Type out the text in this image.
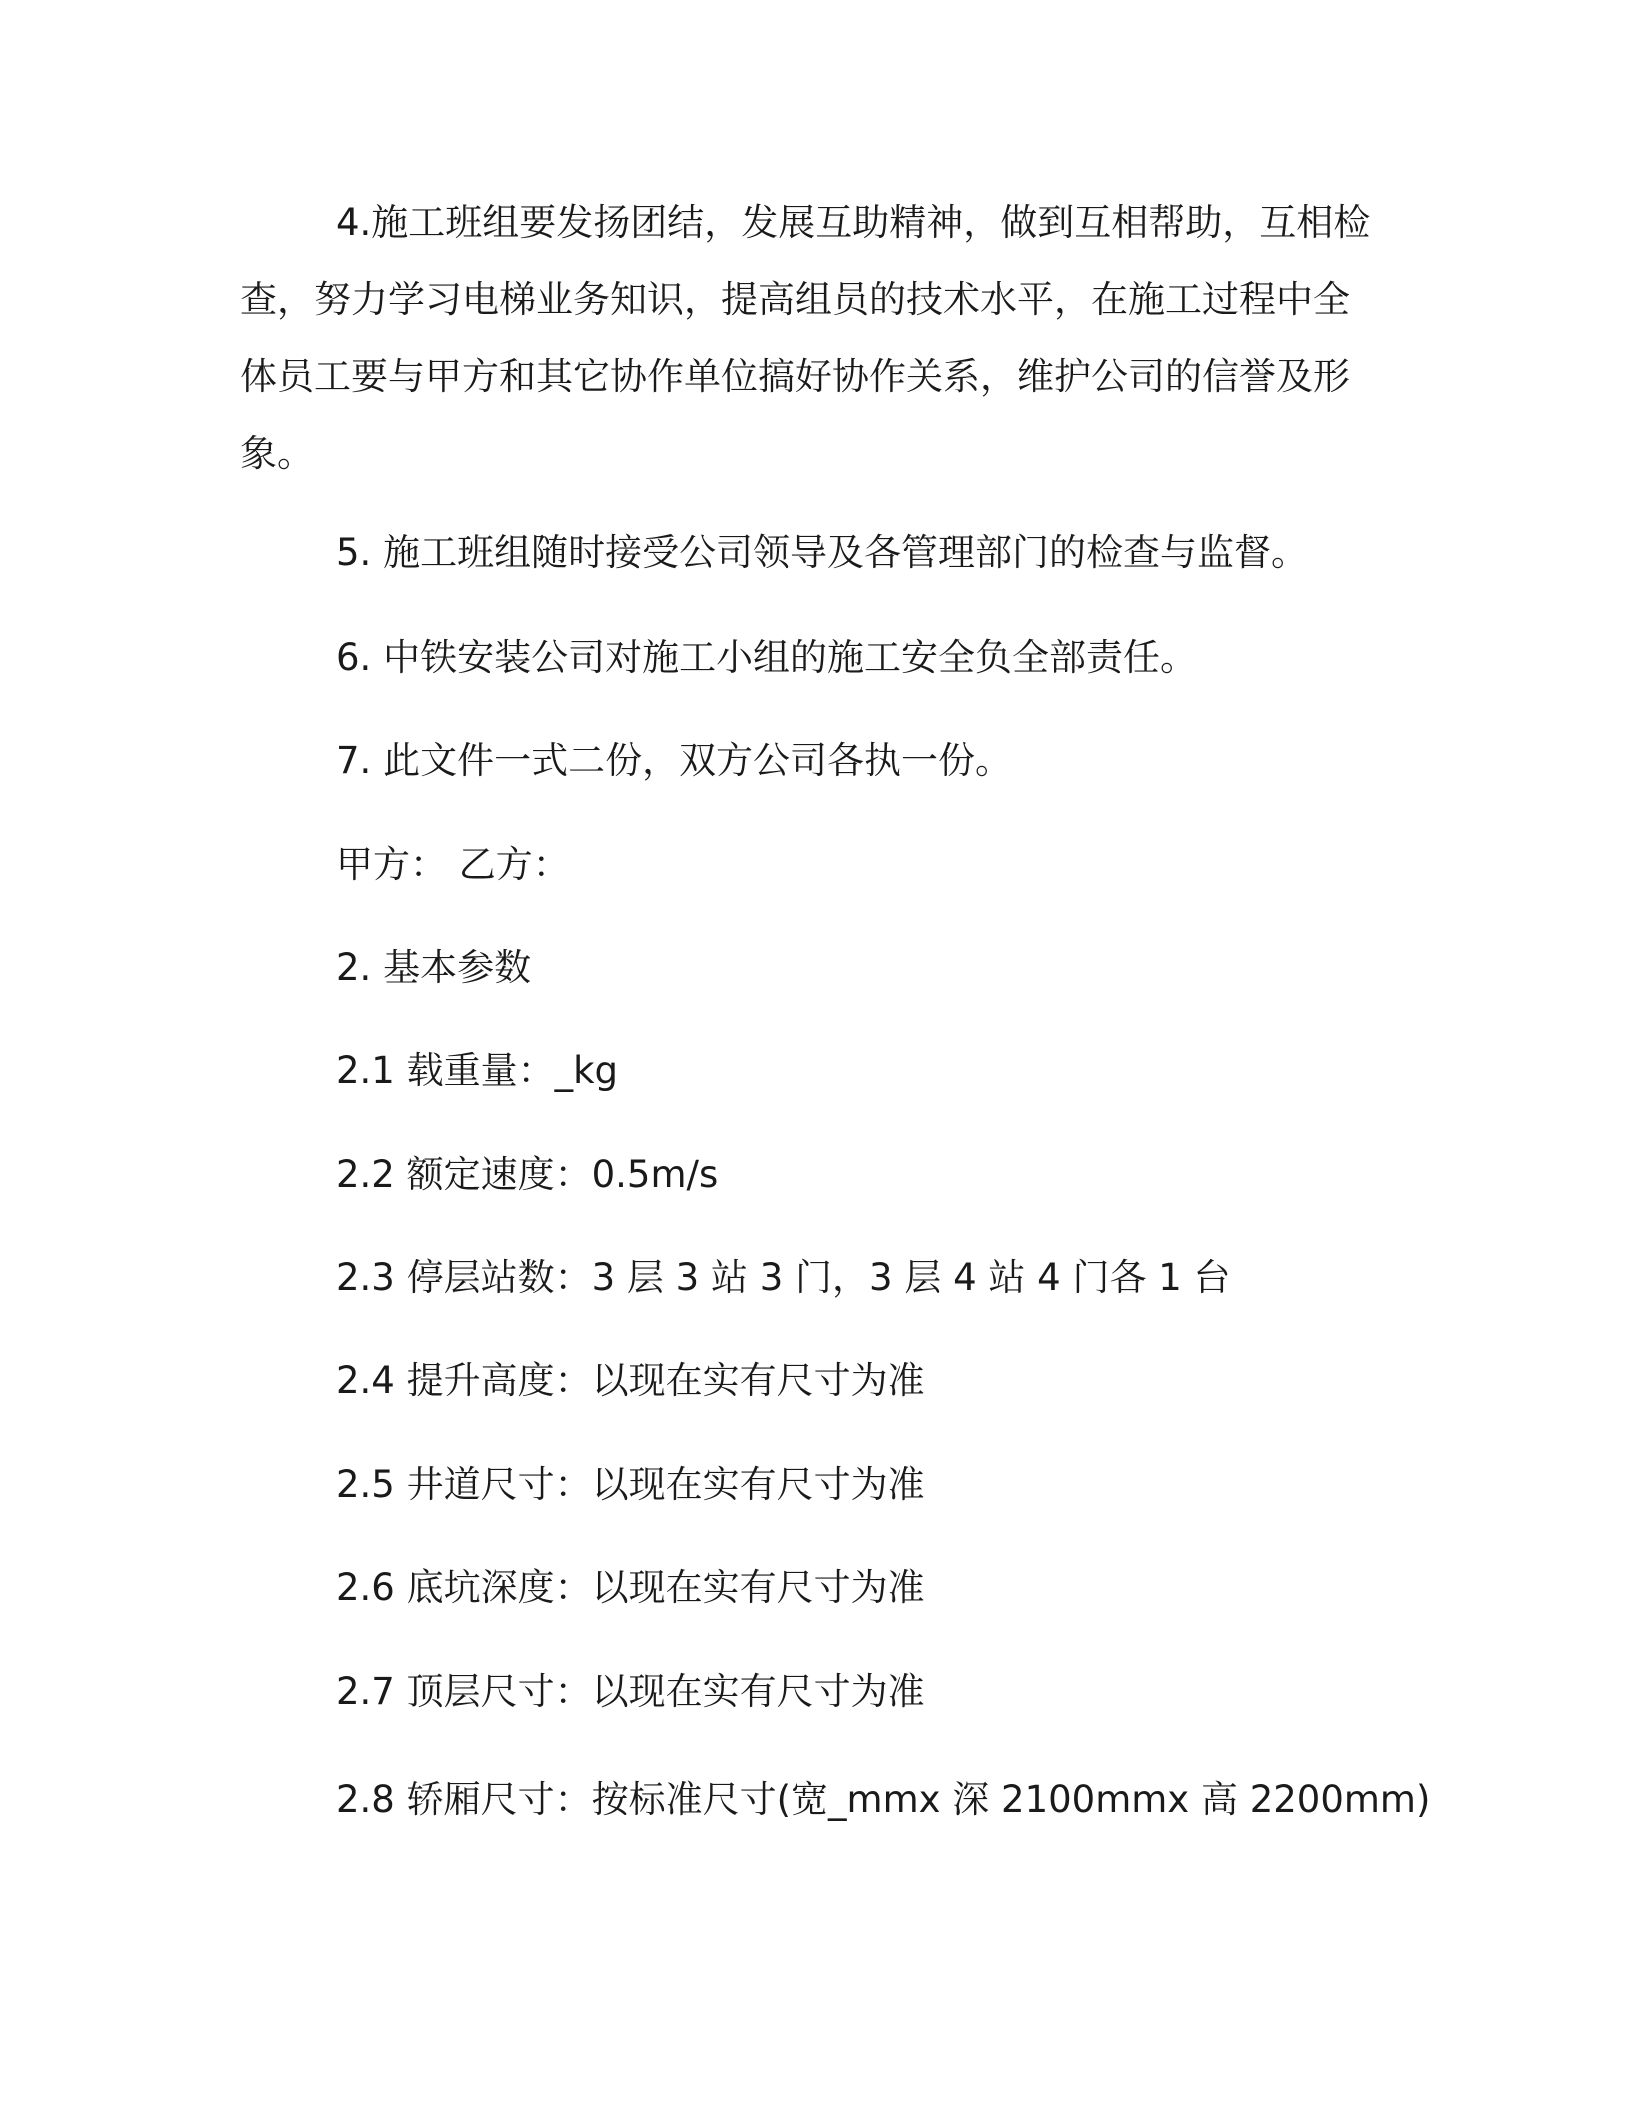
4.施工班组要发扬团结，发展互助精神，做到互相帮助，互相检查，努力学习电梯业务知识，提高组员的技术水平，在施工过程中全体员工要与甲方和其它协作单位搞好协作关系，维护公司的信誉及形象。

5. 施工班组随时接受公司领导及各管理部门的检查与监督。

6. 中铁安装公司对施工小组的施工安全负全部责任。

7. 此文件一式二份，双方公司各执一份。

甲方： 乙方：

2. 基本参数

2.1 载重量：_kg

2.2 额定速度：0.5m/s

2.3 停层站数：3 层 3 站 3 门，3 层 4 站 4 门各 1 台

2.4 提升高度：以现在实有尺寸为准

2.5 井道尺寸：以现在实有尺寸为准

2.6 底坑深度：以现在实有尺寸为准

2.7 顶层尺寸：以现在实有尺寸为准

2.8 轿厢尺寸：按标准尺寸(宽_mmx 深 2100mmx 高 2200mm)
